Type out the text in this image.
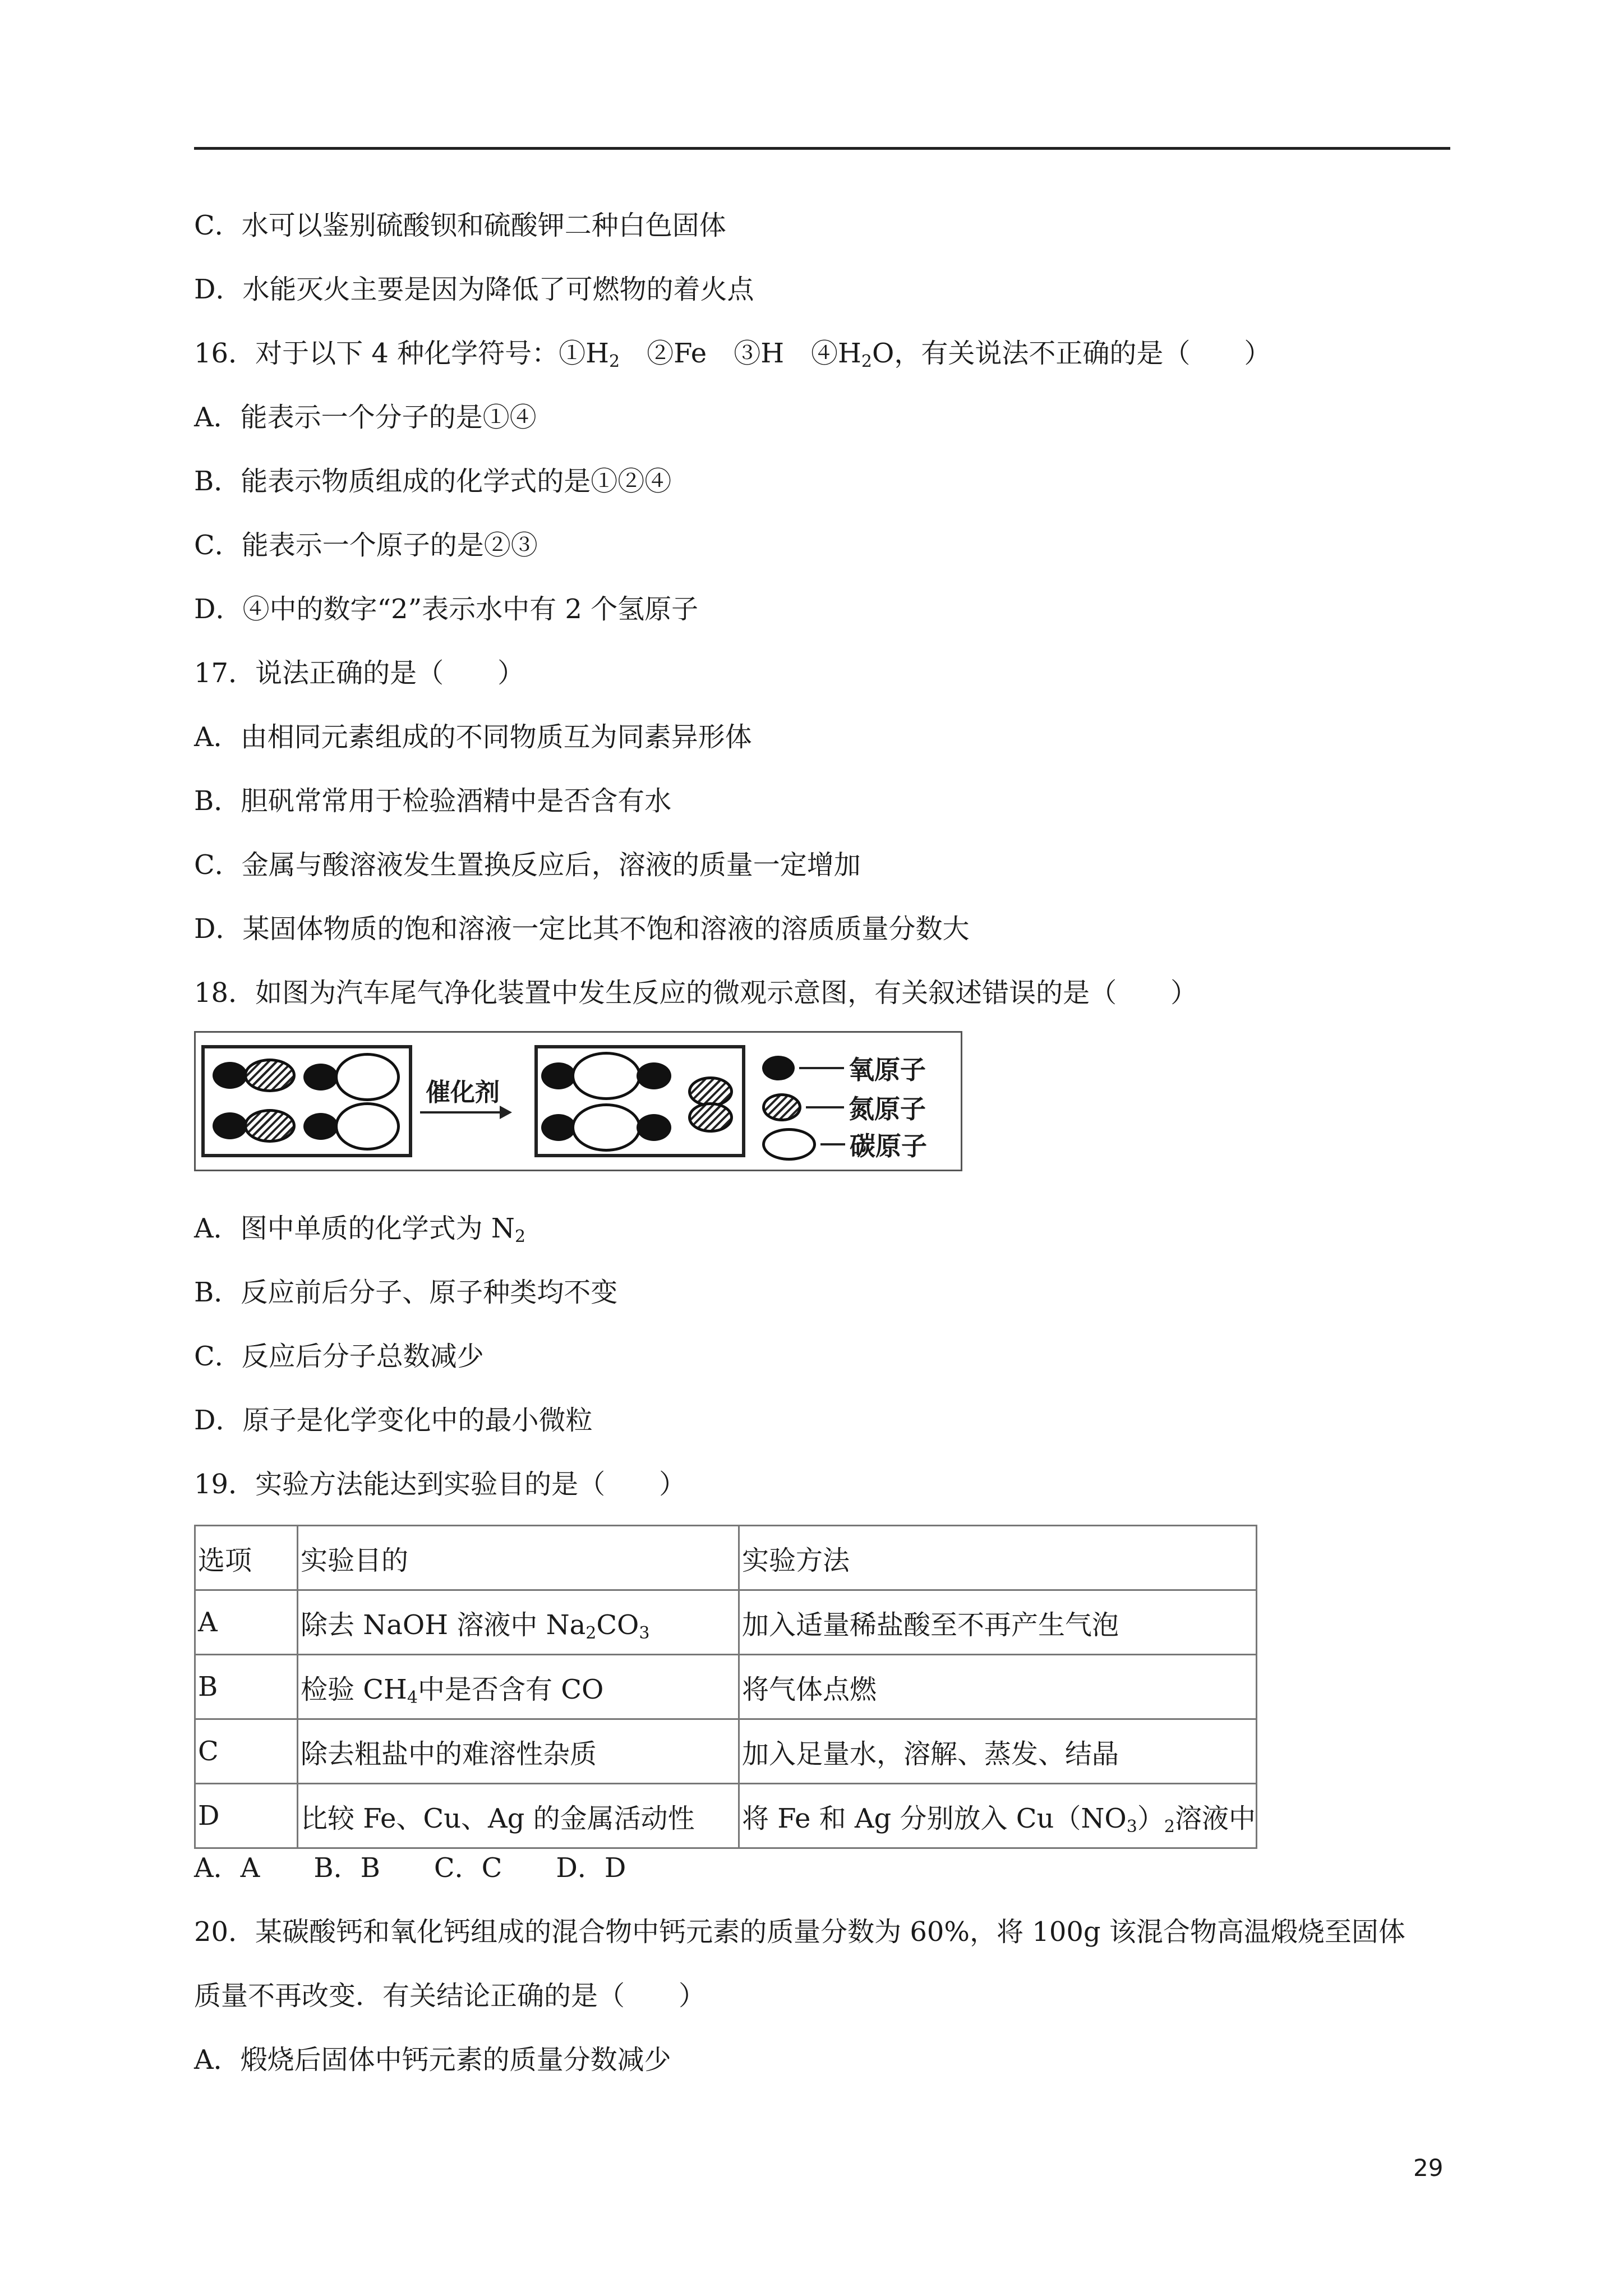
C．水可以鉴别硫酸钡和硫酸钾二种白色固体
D．水能灭火主要是因为降低了可燃物的着火点
16．对于以下 4 种化学符号：$①H_2$　 ②Fe　③H　$④H_2O$，有关说法不正确的是（　　）
A．能表示一个分子的是①④
B．能表示物质组成的化学式的是①②④
C．能表示一个原子的是②③
D．④中的数字“2”表示水中有 2 个氢原子
17．说法正确的是（　　）
A．由相同元素组成的不同物质互为同素异形体
B．胆矾常常用于检验酒精中是否含有水
C．金属与酸溶液发生置换反应后，溶液的质量一定增加
D．某固体物质的饱和溶液一定比其不饱和溶液的溶质质量分数大
18．如图为汽车尾气净化装置中发生反应的微观示意图，有关叙述错误的是（　　）
催化剂
氧原子
氮原子
碳原子
A．图中单质的化学式为 $N_2$
B．反应前后分子、原子种类均不变
C．反应后分子总数减少
D．原子是化学变化中的最小微粒
19．实验方法能达到实验目的是（　　）
选项	实验目的	实验方法
A	除去 NaOH 溶液中 $Na_2CO_3$	加入适量稀盐酸至不再产生气泡
B	检验 $CH_4$中是否含有 CO	将气体点燃
C	除去粗盐中的难溶性杂质	加入足量水，溶解、蒸发、结晶
D	比较 Fe、Cu、Ag 的金属活动性	将 Fe 和 Ag 分别放入 $Cu(NO_3)_2$溶液中
A．A　　B．B　　C．C　　D．D
20．某碳酸钙和氧化钙组成的混合物中钙元素的质量分数为 60%，将 100g 该混合物高温煅烧至固体
质量不再改变．有关结论正确的是（　　）
A．煅烧后固体中钙元素的质量分数减少
29
